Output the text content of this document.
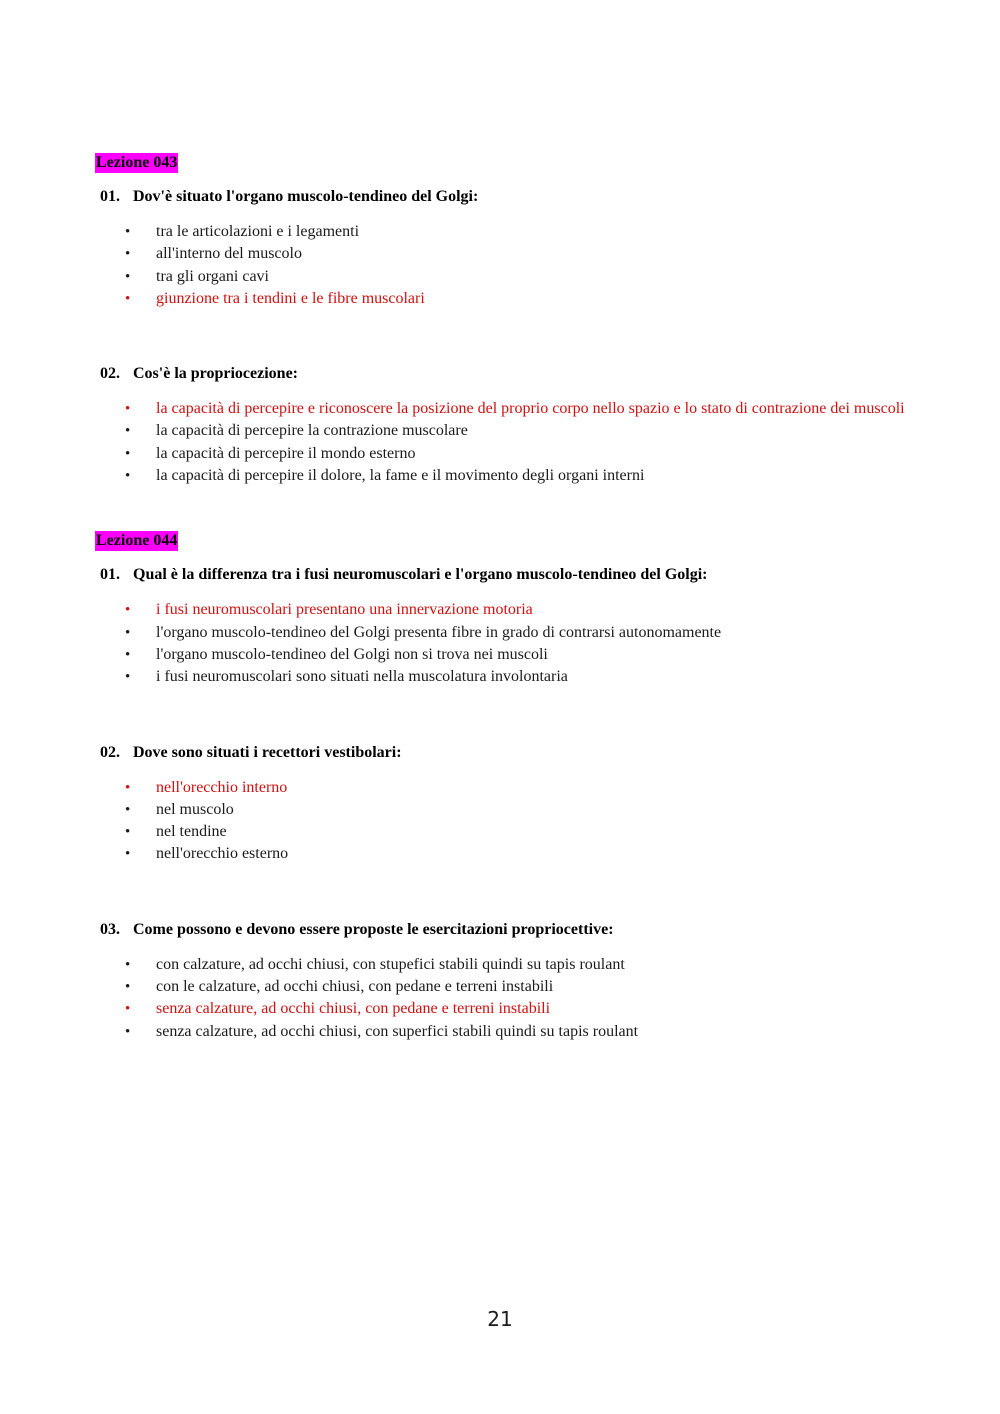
Lezione 043
01. Dov'è situato l'organo muscolo-tendineo del Golgi:
• tra le articolazioni e i legamenti
• all'interno del muscolo
• tra gli organi cavi
• giunzione tra i tendini e le fibre muscolari
02. Cos'è la propriocezione:
• la capacità di percepire e riconoscere la posizione del proprio corpo nello spazio e lo stato di contrazione dei muscoli
• la capacità di percepire la contrazione muscolare
• la capacità di percepire il mondo esterno
• la capacità di percepire il dolore, la fame e il movimento degli organi interni
Lezione 044
01. Qual è la differenza tra i fusi neuromuscolari e l'organo muscolo-tendineo del Golgi:
• i fusi neuromuscolari presentano una innervazione motoria
• l'organo muscolo-tendineo del Golgi presenta fibre in grado di contrarsi autonomamente
• l'organo muscolo-tendineo del Golgi non si trova nei muscoli
• i fusi neuromuscolari sono situati nella muscolatura involontaria
02. Dove sono situati i recettori vestibolari:
• nell'orecchio interno
• nel muscolo
• nel tendine
• nell'orecchio esterno
03. Come possono e devono essere proposte le esercitazioni propriocettive:
• con calzature, ad occhi chiusi, con stupefici stabili quindi su tapis roulant
• con le calzature, ad occhi chiusi, con pedane e terreni instabili
• senza calzature, ad occhi chiusi, con pedane e terreni instabili
• senza calzature, ad occhi chiusi, con superfici stabili quindi su tapis roulant
21
